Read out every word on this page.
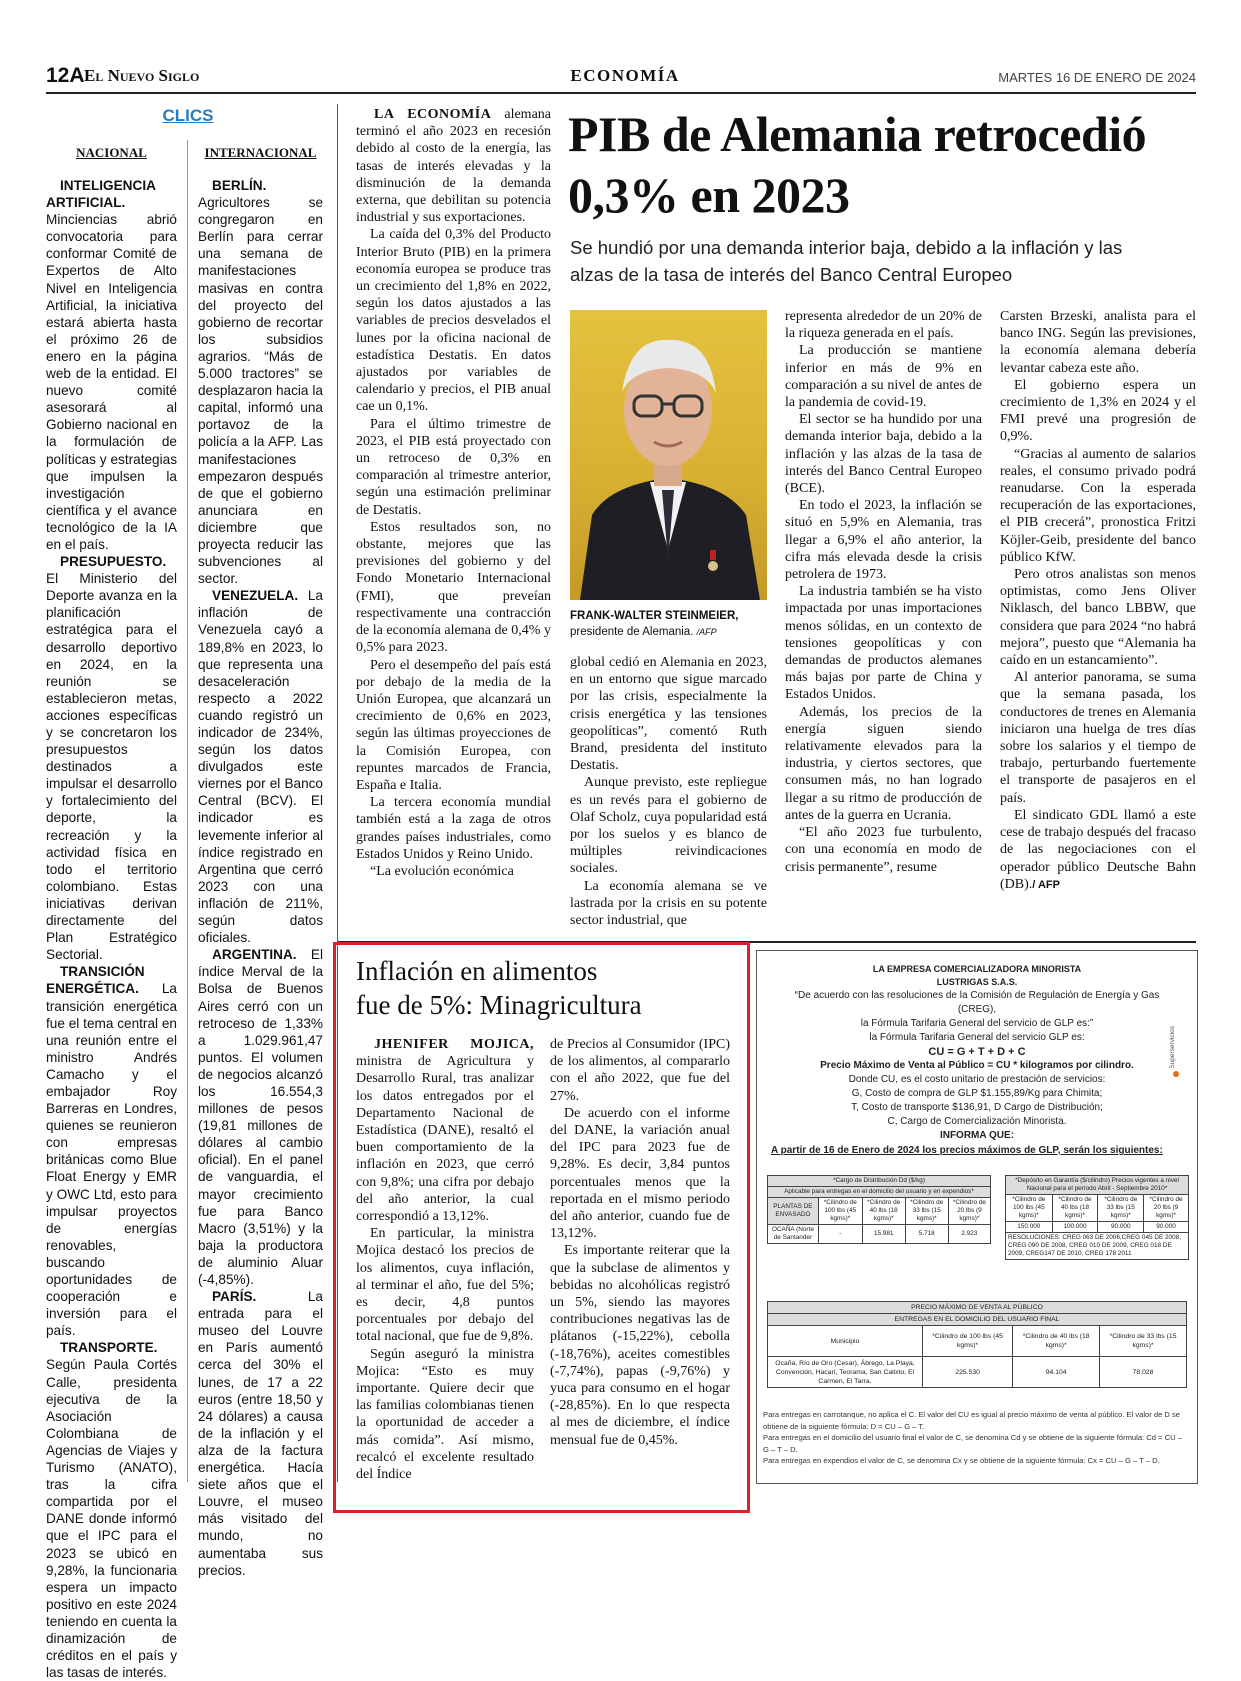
12A El Nuevo Siglo	ECONOMÍA	MARTES 16 DE ENERO DE 2024
CLICS
NACIONAL	INTERNACIONAL

INTELIGENCIA ARTIFICIAL. Minciencias abrió convocatoria para conformar Comité de Expertos de Alto Nivel en Inteligencia Artificial, la iniciativa estará abierta hasta el próximo 26 de enero en la página web de la entidad. El nuevo comité asesorará al Gobierno nacional en la formulación de políticas y estrategias que impulsen la investigación científica y el avance tecnológico de la IA en el país.

PRESUPUESTO. El Ministerio del Deporte avanza en la planificación estratégica para el desarrollo deportivo en 2024, en la reunión se establecieron metas, acciones específicas y se concretaron los presupuestos destinados a impulsar el desarrollo y fortalecimiento del deporte, la recreación y la actividad física en todo el territorio colombiano. Estas iniciativas derivan directamente del Plan Estratégico Sectorial.

TRANSICIÓN ENERGÉTICA. La transición energética fue el tema central en una reunión entre el ministro Andrés Camacho y el embajador Roy Barreras en Londres, quienes se reunieron con empresas británicas como Blue Float Energy y EMR y OWC Ltd, esto para impulsar proyectos de energías renovables, buscando oportunidades de cooperación e inversión para el país.

TRANSPORTE. Según Paula Cortés Calle, presidenta ejecutiva de la Asociación Colombiana de Agencias de Viajes y Turismo (ANATO), tras la cifra compartida por el DANE donde informó que el IPC para el 2023 se ubicó en 9,28%, la funcionaria espera un impacto positivo en este 2024 teniendo en cuenta la dinamización de créditos en el país y las tasas de interés.

BERLÍN. Agricultores se congregaron en Berlín para cerrar una semana de manifestaciones masivas en contra del proyecto del gobierno de recortar los subsidios agrarios. “Más de 5.000 tractores” se desplazaron hacia la capital, informó una portavoz de la policía a la AFP. Las manifestaciones empezaron después de que el gobierno anunciara en diciembre que proyecta reducir las subvenciones al sector.

VENEZUELA. La inflación de Venezuela cayó a 189,8% en 2023, lo que representa una desaceleración respecto a 2022 cuando registró un indicador de 234%, según los datos divulgados este viernes por el Banco Central (BCV). El indicador es levemente inferior al índice registrado en Argentina que cerró 2023 con una inflación de 211%, según datos oficiales.

ARGENTINA. El índice Merval de la Bolsa de Buenos Aires cerró con un retroceso de 1,33% a 1.029.961,47 puntos. El volumen de negocios alcanzó los 16.554,3 millones de pesos (19,81 millones de dólares al cambio oficial). En el panel de vanguardia, el mayor crecimiento fue para Banco Macro (3,51%) y la baja la productora de aluminio Aluar (-4,85%).

PARÍS.	La entrada para el museo del Louvre en París aumentó cerca del 30% el lunes, de 17 a 22 euros (entre 18,50 y 24 dólares) a causa de la inflación y el alza de la factura energética. Hacía siete años que el Louvre, el museo más visitado del mundo, no aumentaba sus precios.

PIB de Alemania retrocedió 0,3% en 2023
Se hundió por una demanda interior baja, debido a la inflación y las alzas de la tasa de interés del Banco Central Europeo

LA ECONOMÍA alemana terminó el año 2023 en recesión debido al costo de la energía, las tasas de interés elevadas y la disminución de la demanda externa, que debilitan su potencia industrial y sus exportaciones.

La caída del 0,3% del Producto Interior Bruto (PIB) en la primera economía europea se produce tras un crecimiento del 1,8% en 2022, según los datos ajustados a las variables de precios desvelados el lunes por la oficina nacional de estadística Destatis. En datos ajustados por variables de calendario y precios, el PIB anual cae un 0,1%.

Para el último trimestre de 2023, el PIB está proyectado con un retroceso de 0,3% en comparación al trimestre anterior, según una estimación preliminar de Destatis.

Estos resultados son, no obstante, mejores que las previsiones del gobierno y del Fondo Monetario Internacional (FMI), que preveían respectivamente una contracción de la economía alemana de 0,4% y 0,5% para 2023.

Pero el desempeño del país está por debajo de la media de la Unión Europea, que alcanzará un crecimiento de 0,6% en 2023, según las últimas proyecciones de la Comisión Europea, con repuntes marcados de Francia, España e Italia.

La tercera economía mundial también está a la zaga de otros grandes países industriales, como Estados Unidos y Reino Unido.

“La evolución económica

FRANK-WALTER STEINMEIER,
presidente de Alemania. /AFP

global cedió en Alemania en 2023, en un entorno que sigue marcado por las crisis, especialmente la crisis energética y las tensiones geopolíticas”, comentó Ruth Brand, presidenta del instituto Destatis.

Aunque previsto, este repliegue es un revés para el gobierno de Olaf Scholz, cuya popularidad está por los suelos y es blanco de múltiples reivindicaciones sociales.

La economía alemana se ve lastrada por la crisis en su potente sector industrial, que

representa alrededor de un 20% de la riqueza generada en el país.

La producción se mantiene inferior en más de 9% en comparación a su nivel de antes de la pandemia de covid-19.

El sector se ha hundido por una demanda interior baja, debido a la inflación y las alzas de la tasa de interés del Banco Central Europeo (BCE).

En todo el 2023, la inflación se situó en 5,9% en Alemania, tras llegar a 6,9% el año anterior, la cifra más elevada desde la crisis petrolera de 1973.

La industria también se ha visto impactada por unas importaciones menos sólidas, en un contexto de tensiones geopolíticas y con demandas de productos alemanes más bajas por parte de China y Estados Unidos.

Además, los precios de la energía siguen siendo relativamente elevados para la industria, y ciertos sectores, que consumen más, no han logrado llegar a su ritmo de producción de antes de la guerra en Ucrania.

“El año 2023 fue turbulento, con una economía en modo de crisis permanente”, resume

Carsten Brzeski, analista para el banco ING. Según las previsiones, la economía alemana debería levantar cabeza este año.

El gobierno espera un crecimiento de 1,3% en 2024 y el FMI prevé una progresión de 0,9%.

“Gracias al aumento de salarios reales, el consumo privado podrá reanudarse. Con la esperada recuperación de las exportaciones, el PIB crecerá”, pronostica Fritzi Köjler-Geib, presidente del banco público KfW.

Pero otros analistas son menos optimistas, como Jens Oliver Niklasch, del banco LBBW, que considera que para 2024 “no habrá mejora”, puesto que “Alemania ha caído en un estancamiento”.

Al anterior panorama, se suma que la semana pasada, los conductores de trenes en Alemania iniciaron una huelga de tres días sobre los salarios y el tiempo de trabajo, perturbando fuertemente el transporte de pasajeros en el país.

El sindicato GDL llamó a este cese de trabajo después del fracaso de las negociaciones con el operador público Deutsche Bahn (DB)./ AFP

Inflación en alimentos
fue de 5%: Minagricultura

JHENIFER MOJICA, ministra de Agricultura y Desarrollo Rural, tras analizar los datos entregados por el Departamento Nacional de Estadística (DANE), resaltó el buen comportamiento de la inflación en 2023, que cerró con 9,8%; una cifra por debajo del año anterior, la cual correspondió a 13,12%.

En particular, la ministra Mojica destacó los precios de los alimentos, cuya inflación, al terminar el año, fue del 5%; es decir, 4,8 puntos porcentuales por debajo del total nacional, que fue de 9,8%.

Según aseguró la ministra Mojica: “Esto es muy importante. Quiere decir que las familias colombianas tienen la oportunidad de acceder a más comida”. Así mismo, recalcó el excelente resultado del Índice

de Precios al Consumidor (IPC) de los alimentos, al compararlo con el año 2022, que fue del 27%.

De acuerdo con el informe del DANE, la variación anual del IPC para 2023 fue de 9,28%. Es decir, 3,84 puntos porcentuales menos que la reportada en el mismo periodo del año anterior, cuando fue de 13,12%.

Es importante reiterar que la que la subclase de alimentos y bebidas no alcohólicas registró un 5%, siendo las mayores contribuciones negativas las de plátanos (-15,22%), cebolla (-18,76%), aceites comestibles (-7,74%), papas (-9,76%) y yuca para consumo en el hogar (-28,85%). En lo que respecta al mes de diciembre, el índice mensual fue de 0,45%.

LA EMPRESA COMERCIALIZADORA MINORISTA
LUSTRIGAS S.A.S.
“De acuerdo con las resoluciones de la Comisión de Regulación de Energía y Gas
(CREG),
la Fórmula Tarifaria General del servicio de GLP es:”
la Fórmula Tarifaria General del servicio GLP es:
CU = G + T + D + C
Precio Máximo de Venta al Público = CU * kilogramos por cilindro.
Donde CU, es el costo unitario de prestación de servicios:
G, Costo de compra de GLP $1.155,89/Kg para Chimita;
T, Costo de transporte $136,91, D Cargo de Distribución;
C, Cargo de Comercialización Minorista.
INFORMA QUE:
A partir de 16 de Enero de 2024 los precios máximos de GLP, serán los siguientes:
Superservicios
*Cargo de Distribución Dd ($/kg)				
Aplicable para entregas en el domicilio del usuario y en expendios*				
PLANTAS DE ENVASADO	*Cilindro de 100 lbs (45 kgms)*	*Cilindro de 40 lbs (18 kgms)*	*Cilindro de 33 lbs (15 kgms)*	*Cilindro de 20 lbs (9 kgms)*
OCAÑA (Norte de Santander	-	15.981	5.718	2.923
*Depósito en Garantía ($/cilindro) Precios vigentes a nivel Nacional para el período Abril - Septiembre 2010*			
*Cilindro de 100 lbs (45 kgms)*	*Cilindro de 40 lbs (18 kgms)*	*Cilindro de 33 lbs (15 kgms)*	*Cilindro de 20 lbs (9 kgms)*
150.000	100.000	90.000	90.000
RESOLUCIONES: CREG 063 DE 2006,CREG 045 DE 2008, CREG 090 DE 2008, CREG 010 DE 2009, CREG 018 DE 2009, CREG147 DE 2010, CREG 178 2011			
PRECIO MÁXIMO DE VENTA AL PÚBLICO			
ENTREGAS EN EL DOMICILIO DEL USUARIO FINAL			
Municipio	*Cilindro de 100 lbs (45 kgms)*	*Cilindro de 40 lbs (18 kgms)*	*Cilindro de 33 lbs (15 kgms)*
Ocaña, Río de Oro (Cesar), Ábrego, La Playa, Convención, Hacarí, Teorama, San Calixto, El Carmen, El Tarra.	225.530	94.104	78.028
Para entregas en carrotanque, no aplica el C. El valor del CU es igual al precio máximo de venta al público. El valor de D se obtiene de la siguiente fórmula: D = CU – G – T.
Para entregas en el domicilio del usuario final el valor de C, se denomina Cd y se obtiene de la siguiente fórmula: Cd = CU – G – T – D.
Para entregas en expendios el valor de C, se denomina Cx y se obtiene de la siguiente fórmula: Cx = CU – G – T – D.
